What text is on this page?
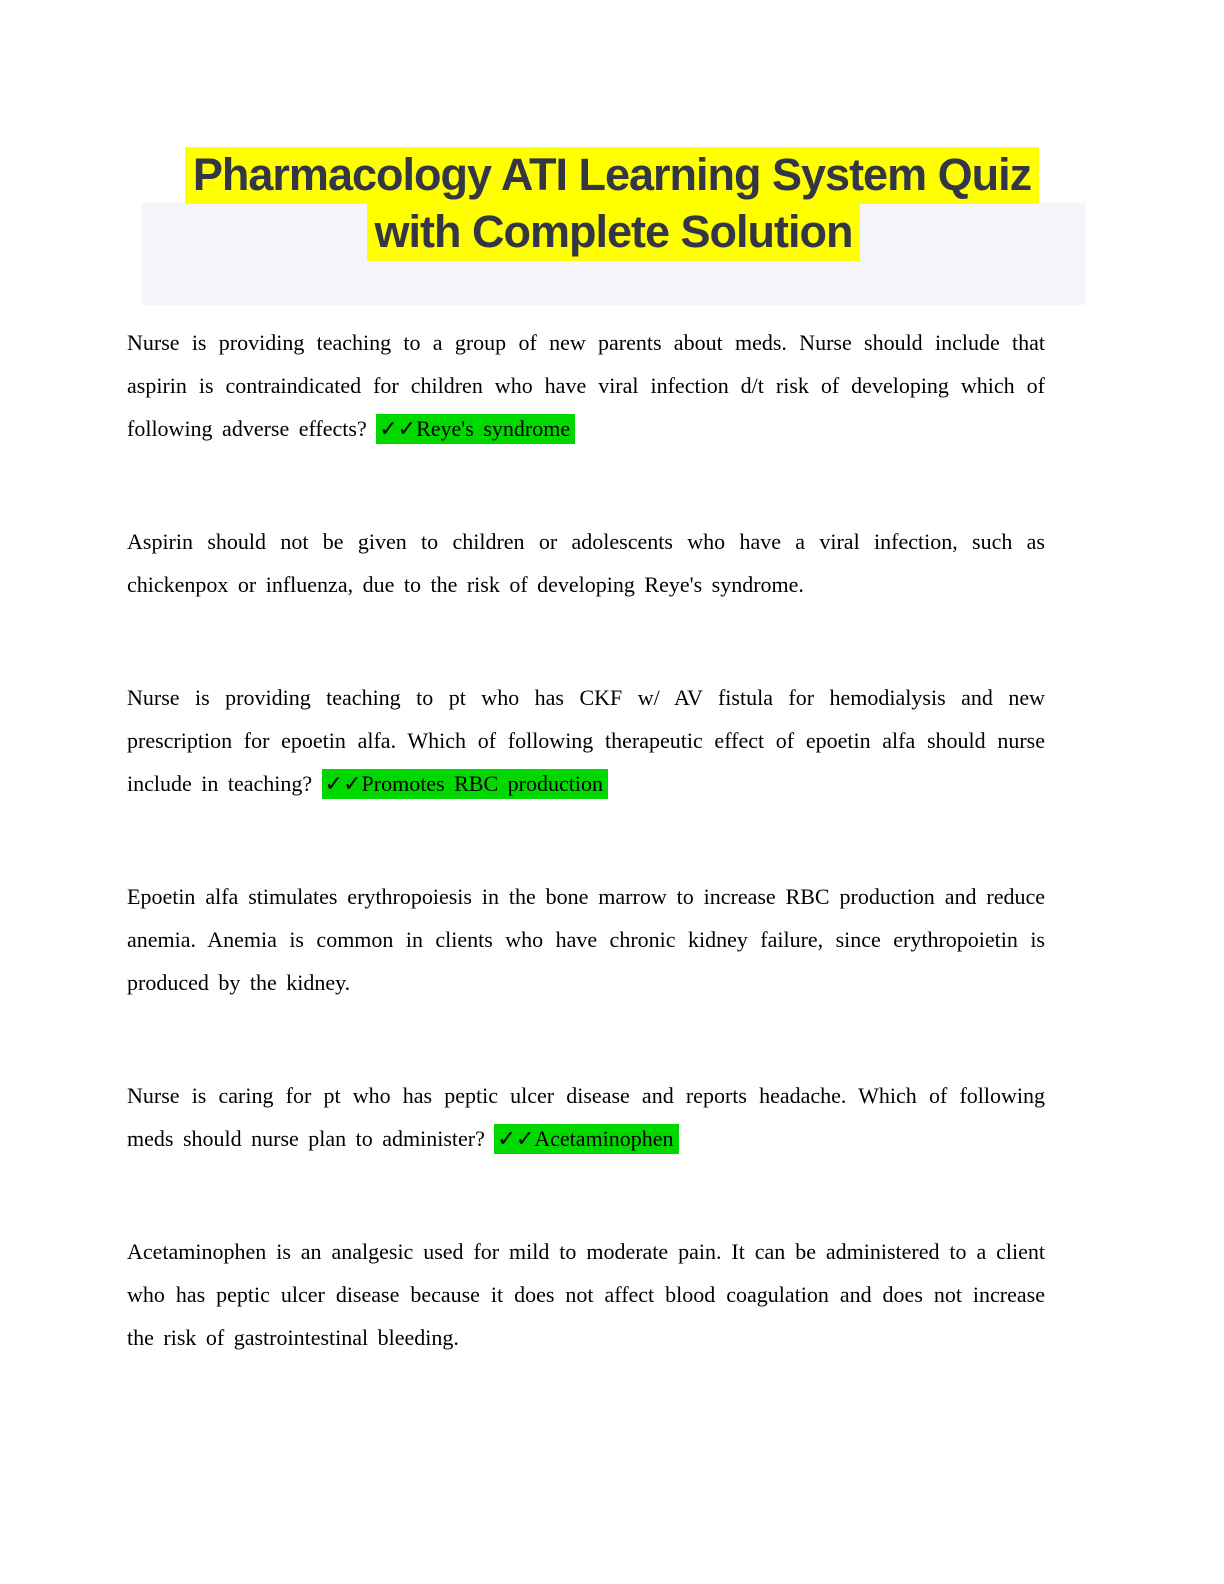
Pharmacology ATI Learning System Quiz
with Complete Solution

Nurse is providing teaching to a group of new parents about meds. Nurse should include that aspirin is contraindicated for children who have viral infection d/t risk of developing which of following adverse effects? ✓✓Reye's syndrome

Aspirin should not be given to children or adolescents who have a viral infection, such as chickenpox or influenza, due to the risk of developing Reye's syndrome.

Nurse is providing teaching to pt who has CKF w/ AV fistula for hemodialysis and new prescription for epoetin alfa. Which of following therapeutic effect of epoetin alfa should nurse include in teaching? ✓✓Promotes RBC production

Epoetin alfa stimulates erythropoiesis in the bone marrow to increase RBC production and reduce anemia. Anemia is common in clients who have chronic kidney failure, since erythropoietin is produced by the kidney.

Nurse is caring for pt who has peptic ulcer disease and reports headache. Which of following meds should nurse plan to administer? ✓✓Acetaminophen

Acetaminophen is an analgesic used for mild to moderate pain. It can be administered to a client who has peptic ulcer disease because it does not affect blood coagulation and does not increase the risk of gastrointestinal bleeding.
